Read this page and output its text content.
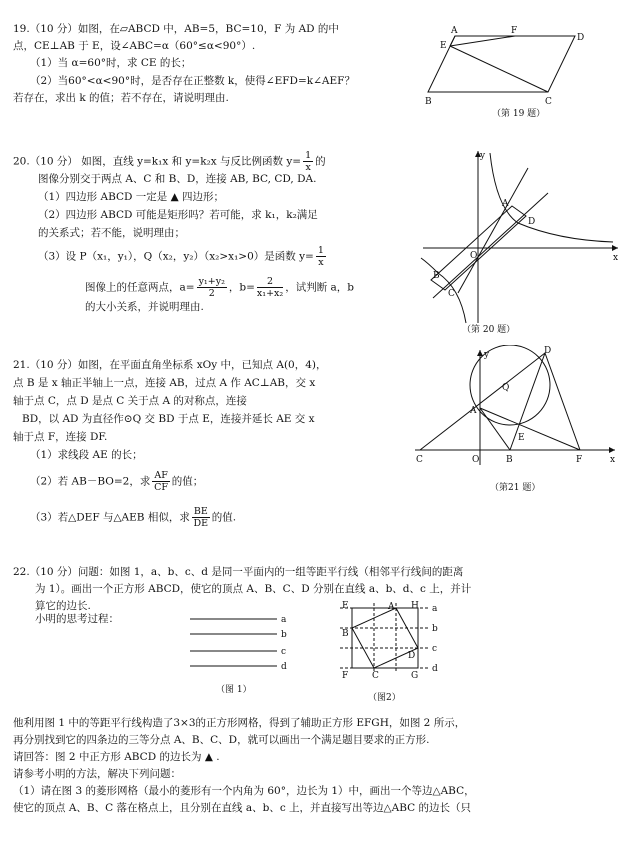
19.（10 分）如图，在▱ABCD 中，AB=5，BC=10，F 为 AD 的中
点，CE⊥AB 于 E，设∠ABC=α（60°≤α<90°）.
（1）当 α=60°时，求 CE 的长；
（2）当60°<α<90°时，是否存在正整数 k，使得∠EFD=k∠AEF？
若存在，求出 k 的值；若不存在，请说明理由.
A	F
D
E
B	C
（第 19 题）
20.（10 分） 如图，直线 y=k₁x 和 y=k₂x 与反比例函数 $y= \frac{1}{x}$ 的
图像分别交于两点 A、C 和 B、D，连接 AB, BC, CD, DA.
（1）四边形 ABCD 一定是 ▲ 四边形；
（2）四边形 ABCD 可能是矩形吗？若可能，求 k₁，k₂满足
的关系式；若不能，说明理由；
（3）设 P（x₁，y₁），Q（x₂，y₂）（x₂>x₁>0）是函数 $y= \frac{1}{x}$
图像上的任意两点，$a= \frac{\text{y₁+y₂}}{2}$ ，$b= \frac{2}{\text{x₁+x₂}}$ ，试判断 a，b
的大小关系，并说明理由.
y
A
D
O	x
B
C
（第 20 题）
21.（10 分）如图，在平面直角坐标系 xOy 中，已知点 A(0，4)，
点 B 是 x 轴正半轴上一点，连接 AB，过点 A 作 AC⊥AB，交 x
轴于点 C，点 D 是点 C 关于点 A 的对称点，连接
BD，以 AD 为直径作⊙Q 交 BD 于点 E，连接并延长 AE 交 x
轴于点 F，连接 DF.
（1）求线段 AE 的长；
（2）若 AB－BO=2，求 $\frac{AF}{CF}$ 的值；
（3）若△DEF 与△AEB 相似，求 $\frac{BE}{DE}$ 的值.
y	D
Q
A
E
C	O	B	F	x
（第21 题）
22.（10 分）问题：如图 1，a、b、c、d 是同一平面内的一组等距平行线（相邻平行线间的距离
为 1）。画出一个正方形 ABCD，使它的顶点 A、B、C、D 分别在直线 a、b、d、c 上，并计
算它的边长.
小明的思考过程：	a
b
c
d
（图 1）
E	A H a
b
B
c
D
d
F	C	G
（图2）
他利用图 1 中的等距平行线构造了3×3的正方形网格，得到了辅助正方形 EFGH，如图 2 所示，
再分别找到它的四条边的三等分点 A、B、C、D，就可以画出一个满足题目要求的正方形.
请回答：图 2 中正方形 ABCD 的边长为 ▲ .
请参考小明的方法，解决下列问题：
（1）请在图 3 的菱形网格（最小的菱形有一个内角为 60°，边长为 1）中，画出一个等边△ABC，
使它的顶点 A、B、C 落在格点上，且分别在直线 a、b、c 上，并直接写出等边△ABC 的边长（只
